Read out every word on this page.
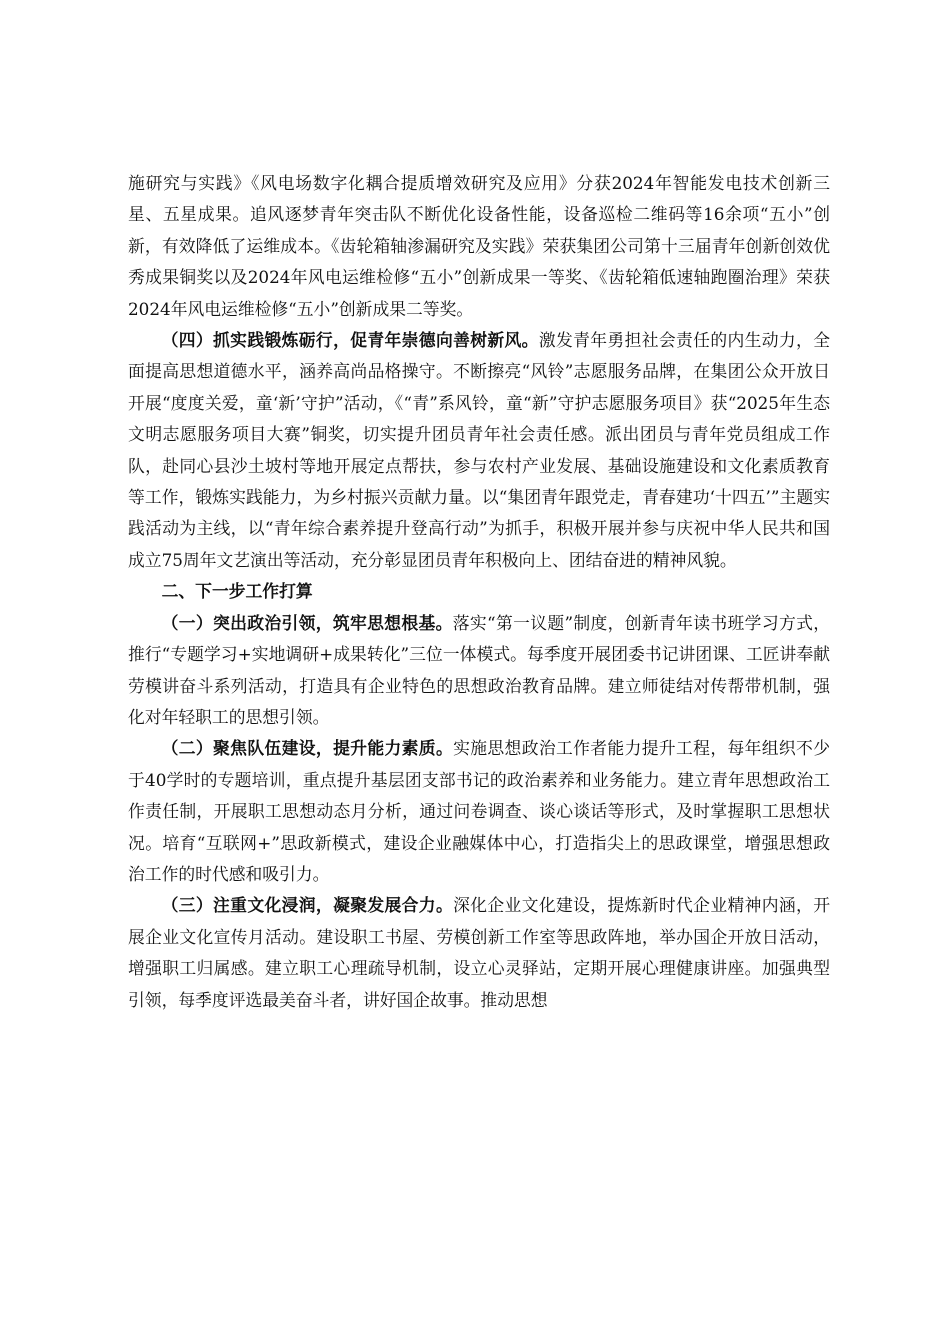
施研究与实践》《风电场数字化耦合提质增效研究及应用》分获2024年智能发电技术创新三星、五星成果。追风逐梦青年突击队不断优化设备性能，设备巡检二维码等16余项“五小”创新，有效降低了运维成本。《齿轮箱轴渗漏研究及实践》荣获集团公司第十三届青年创新创效优秀成果铜奖以及2024年风电运维检修“五小”创新成果一等奖、《齿轮箱低速轴跑圈治理》荣获2024年风电运维检修“五小”创新成果二等奖。

（四）抓实践锻炼砺行，促青年崇德向善树新风。激发青年勇担社会责任的内生动力，全面提高思想道德水平，涵养高尚品格操守。不断擦亮“风铃”志愿服务品牌，在集团公众开放日开展“度度关爱，童‘新’守护”活动，《“青”系风铃，童“新”守护志愿服务项目》获“2025年生态文明志愿服务项目大赛”铜奖，切实提升团员青年社会责任感。派出团员与青年党员组成工作队，赴同心县沙土坡村等地开展定点帮扶，参与农村产业发展、基础设施建设和文化素质教育等工作，锻炼实践能力，为乡村振兴贡献力量。以“集团青年跟党走，青春建功‘十四五’”主题实践活动为主线，以“青年综合素养提升登高行动”为抓手，积极开展并参与庆祝中华人民共和国成立75周年文艺演出等活动，充分彰显团员青年积极向上、团结奋进的精神风貌。

二、下一步工作打算

（一）突出政治引领，筑牢思想根基。落实“第一议题”制度，创新青年读书班学习方式，推行“专题学习+实地调研+成果转化”三位一体模式。每季度开展团委书记讲团课、工匠讲奉献劳模讲奋斗系列活动，打造具有企业特色的思想政治教育品牌。建立师徒结对传帮带机制，强化对年轻职工的思想引领。

（二）聚焦队伍建设，提升能力素质。实施思想政治工作者能力提升工程，每年组织不少于40学时的专题培训，重点提升基层团支部书记的政治素养和业务能力。建立青年思想政治工作责任制，开展职工思想动态月分析，通过问卷调查、谈心谈话等形式，及时掌握职工思想状况。培育“互联网+”思政新模式，建设企业融媒体中心，打造指尖上的思政课堂，增强思想政治工作的时代感和吸引力。

（三）注重文化浸润，凝聚发展合力。深化企业文化建设，提炼新时代企业精神内涵，开展企业文化宣传月活动。建设职工书屋、劳模创新工作室等思政阵地，举办国企开放日活动，增强职工归属感。建立职工心理疏导机制，设立心灵驿站，定期开展心理健康讲座。加强典型引领，每季度评选最美奋斗者，讲好国企故事。推动思想
